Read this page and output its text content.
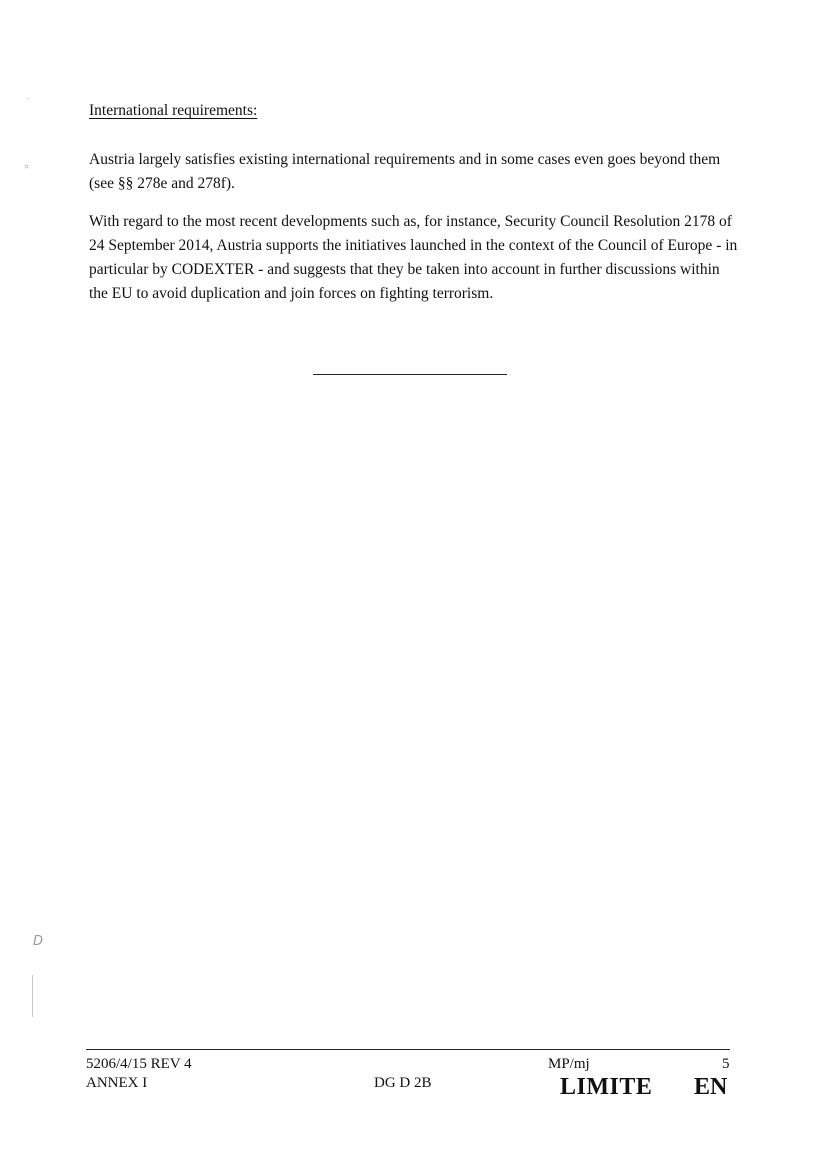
-
¤
International requirements:

Austria largely satisfies existing international requirements and in some cases even goes beyond them (see §§ 278e and 278f).

With regard to the most recent developments such as, for instance, Security Council Resolution 2178 of 24 September 2014, Austria supports the initiatives launched in the context of the Council of Europe - in particular by CODEXTER - and suggests that they be taken into account in further discussions within the EU to avoid duplication and join forces on fighting terrorism.

D
5206/4/15 REV 4
ANNEX I	DG D 2B
MP/mj	5
LIMITE EN
